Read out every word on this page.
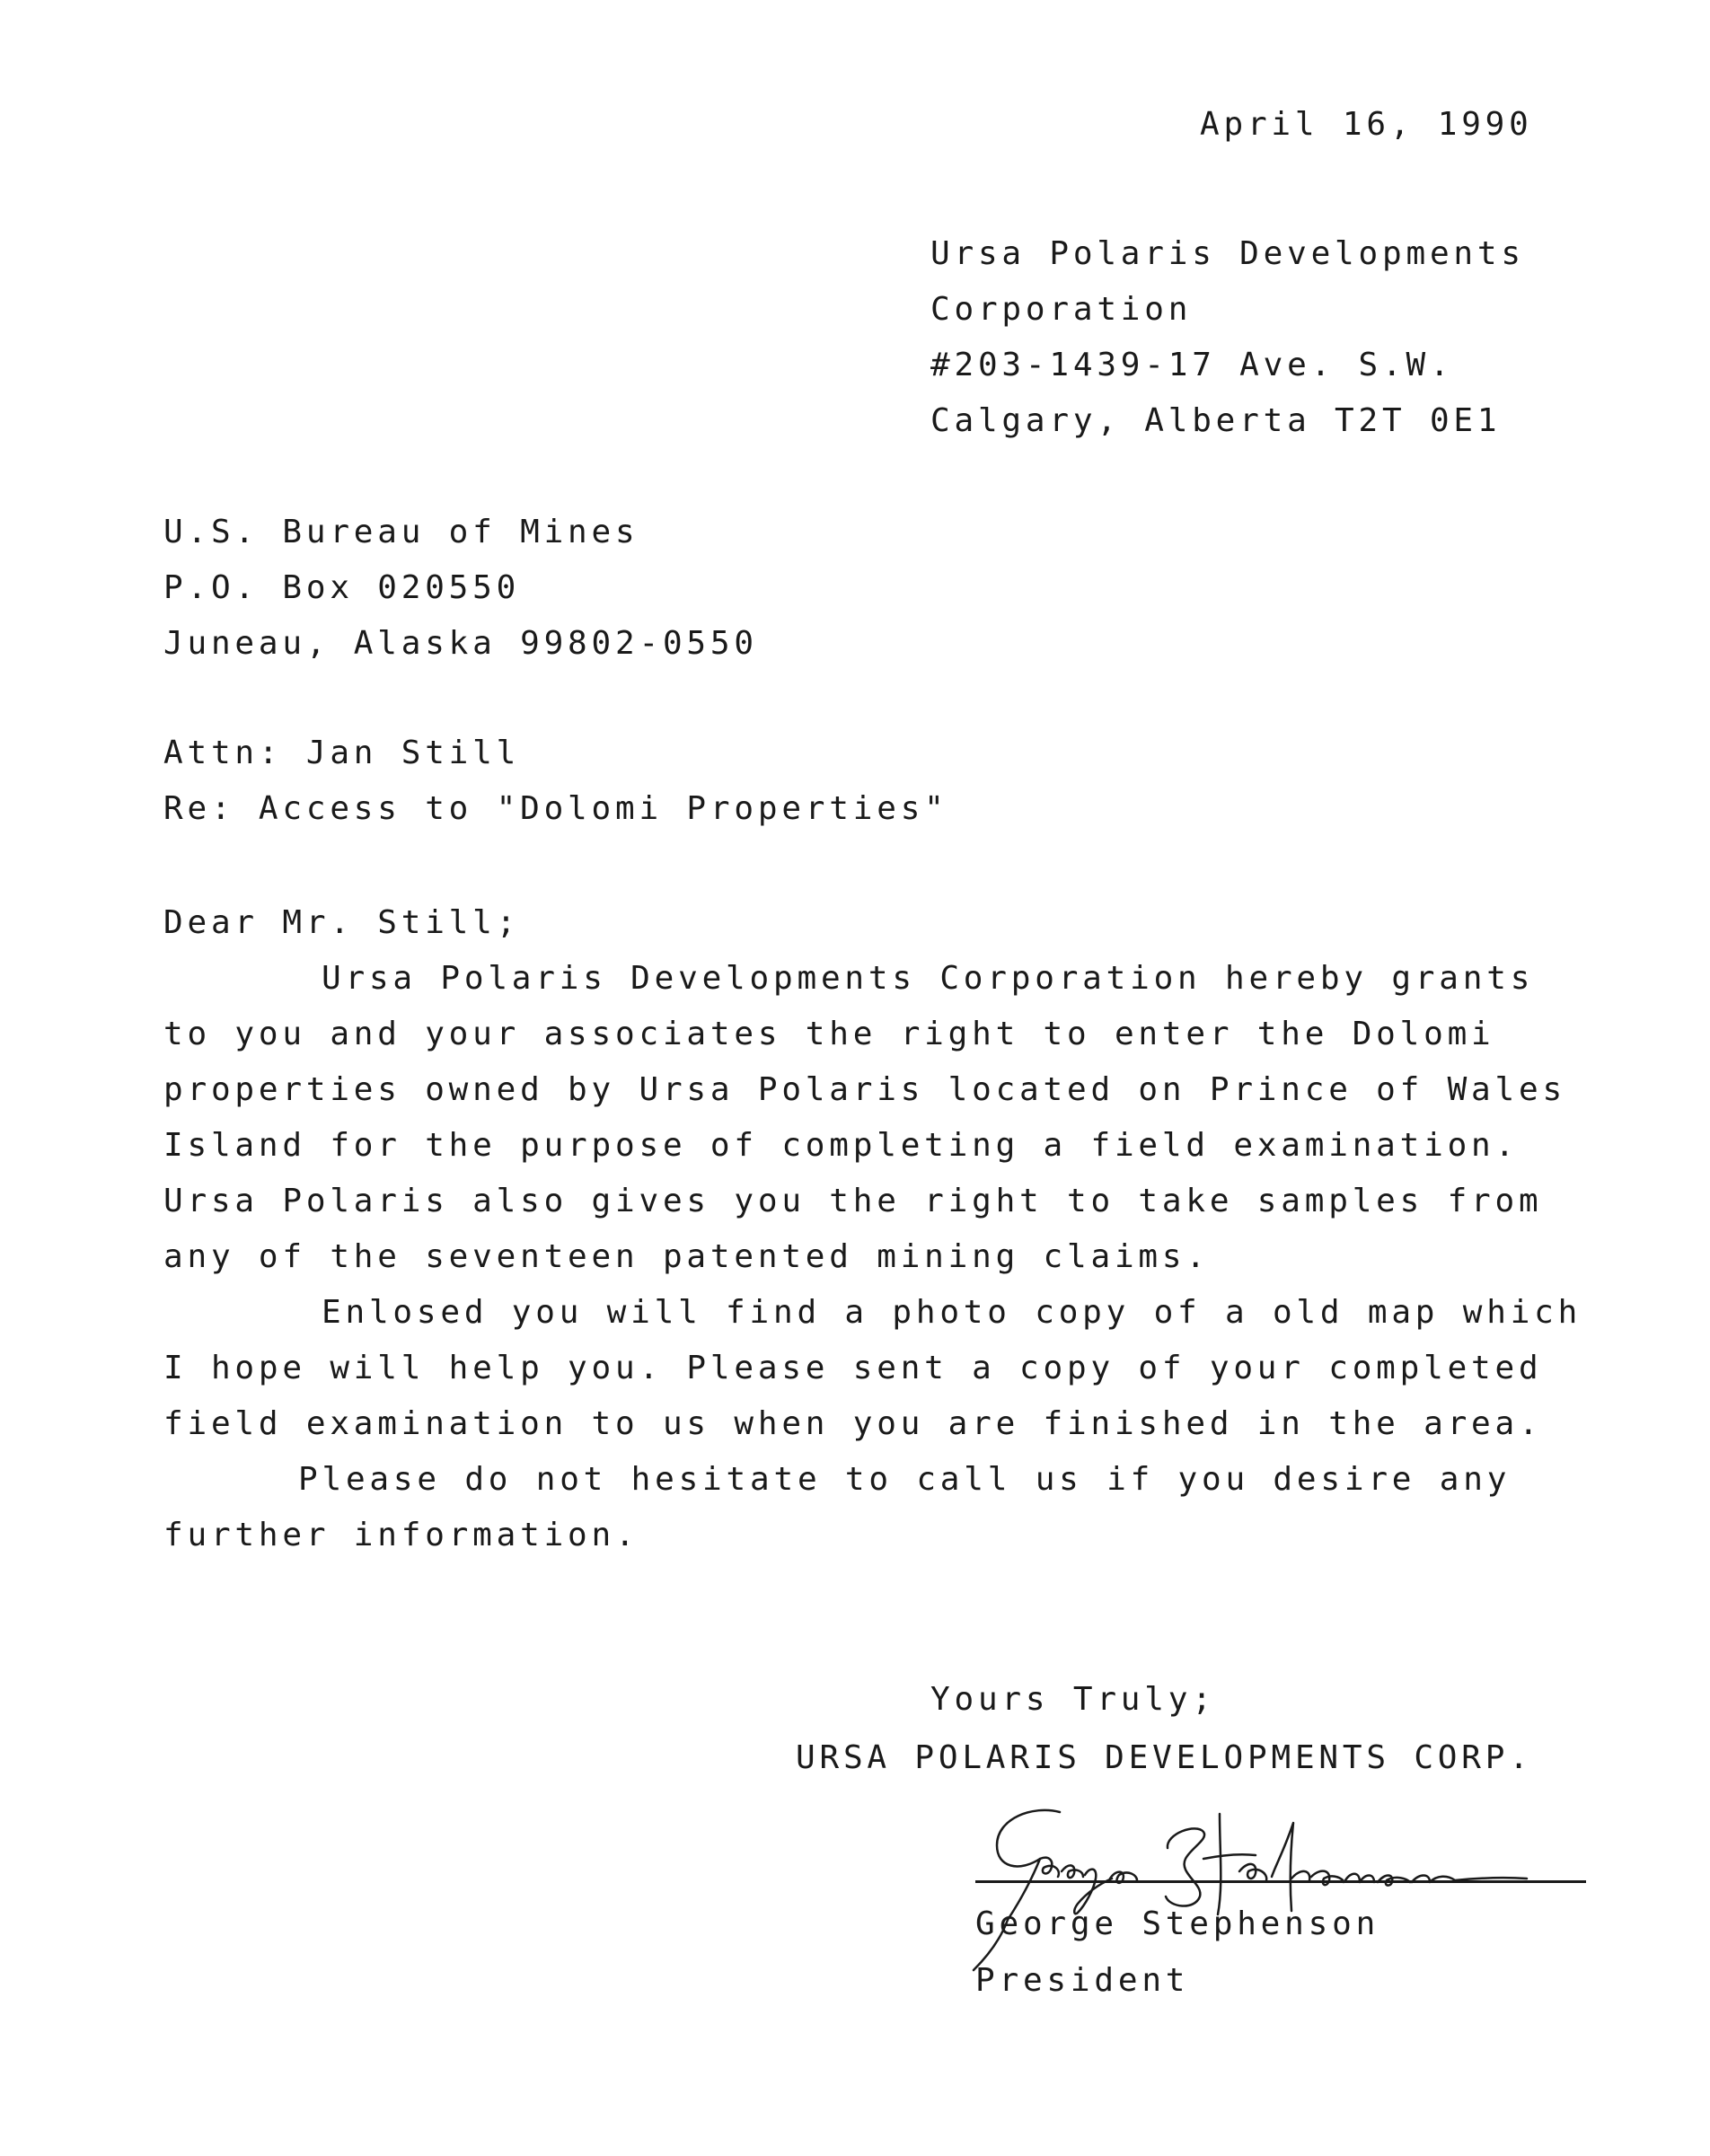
April 16, 1990

Ursa Polaris Developments

Corporation

#203-1439-17 Ave. S.W.

Calgary, Alberta T2T 0E1

U.S. Bureau of Mines

P.O. Box 020550

Juneau, Alaska 99802-0550

Attn: Jan Still

Re: Access to "Dolomi Properties"

Dear Mr. Still;

Ursa Polaris Developments Corporation hereby grants

to you and your associates the right to enter the Dolomi

properties owned by Ursa Polaris located on Prince of Wales

Island for the purpose of completing a field examination.

Ursa Polaris also gives you the right to take samples from

any of the seventeen patented mining claims.

Enlosed you will find a photo copy of a old map which

I hope will help you. Please sent a copy of your completed

field examination to us when you are finished in the area.

Please do not hesitate to call us if you desire any

further information.

Yours Truly;

URSA POLARIS DEVELOPMENTS CORP.

George Stephenson

President
